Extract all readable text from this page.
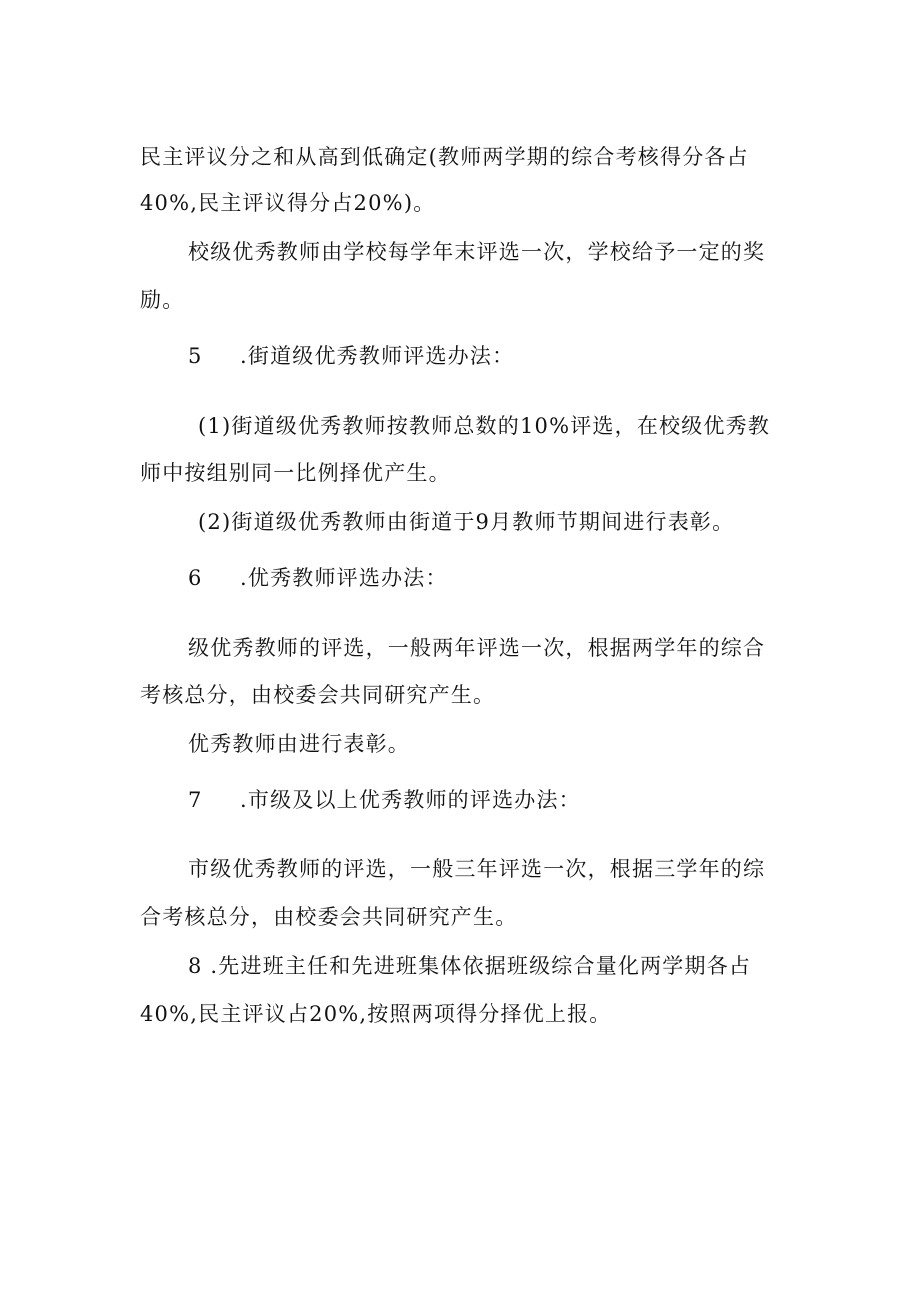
民主评议分之和从高到低确定(教师两学期的综合考核得分各占

40%,民主评议得分占20%)。

校级优秀教师由学校每学年末评选一次，学校给予一定的奖

励。

5 .街道级优秀教师评选办法：

(1)街道级优秀教师按教师总数的10%评选，在校级优秀教

师中按组别同一比例择优产生。

(2)街道级优秀教师由街道于9月教师节期间进行表彰。

6 .优秀教师评选办法：

级优秀教师的评选，一般两年评选一次，根据两学年的综合

考核总分，由校委会共同研究产生。

优秀教师由进行表彰。

7 .市级及以上优秀教师的评选办法：

市级优秀教师的评选，一般三年评选一次，根据三学年的综

合考核总分，由校委会共同研究产生。

8 .先进班主任和先进班集体依据班级综合量化两学期各占

40%,民主评议占20%,按照两项得分择优上报。
